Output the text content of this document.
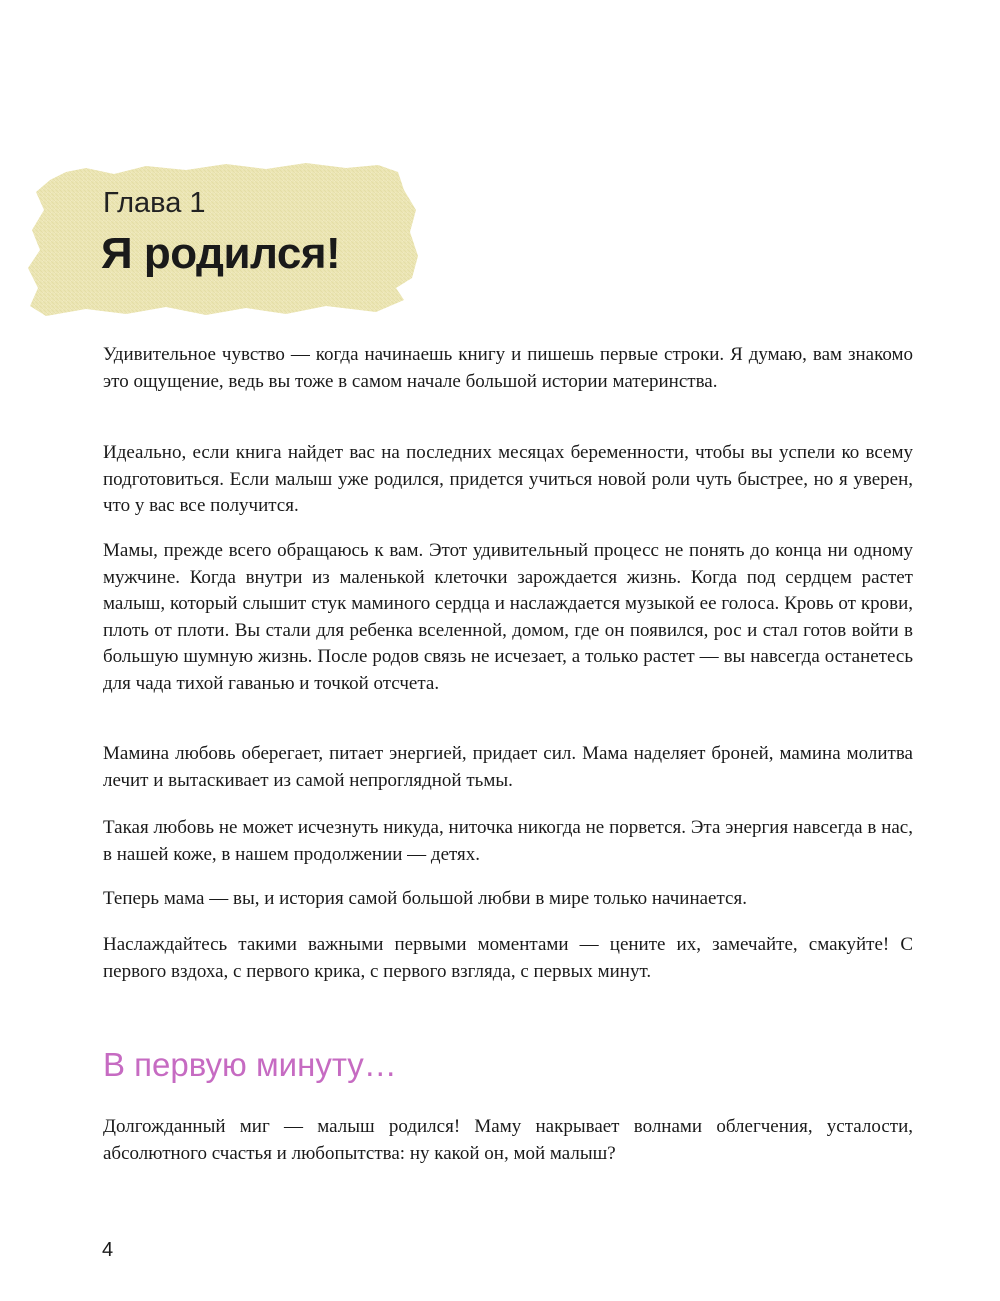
Глава 1
Я родился!

Удивительное чувство — когда начинаешь книгу и пишешь первые строки. Я думаю, вам знакомо это ощущение, ведь вы тоже в самом начале большой истории материнства.

Идеально, если книга найдет вас на последних месяцах беременности, чтобы вы успели ко всему подготовиться. Если малыш уже родился, придется учиться новой роли чуть быстрее, но я уверен, что у вас все получится.

Мамы, прежде всего обращаюсь к вам. Этот удивительный процесс не понять до конца ни одному мужчине. Когда внутри из маленькой клеточки зарождается жизнь. Когда под сердцем растет малыш, который слышит стук маминого сердца и наслаждается музыкой ее голоса. Кровь от крови, плоть от плоти. Вы стали для ребенка вселенной, домом, где он появился, рос и стал готов войти в большую шумную жизнь. После родов связь не исчезает, а только растет — вы навсегда останетесь для чада тихой гаванью и точкой отсчета.

Мамина любовь оберегает, питает энергией, придает сил. Мама наделяет броней, мамина молитва лечит и вытаскивает из самой непроглядной тьмы.

Такая любовь не может исчезнуть никуда, ниточка никогда не порвется. Эта энергия навсегда в нас, в нашей коже, в нашем продолжении — детях.

Теперь мама — вы, и история самой большой любви в мире только начинается.

Наслаждайтесь такими важными первыми моментами — цените их, замечайте, смакуйте! С первого вздоха, с первого крика, с первого взгляда, с первых минут.

В первую минуту…

Долгожданный миг — малыш родился! Маму накрывает волнами облегчения, усталости, абсолютного счастья и любопытства: ну какой он, мой малыш?

4
